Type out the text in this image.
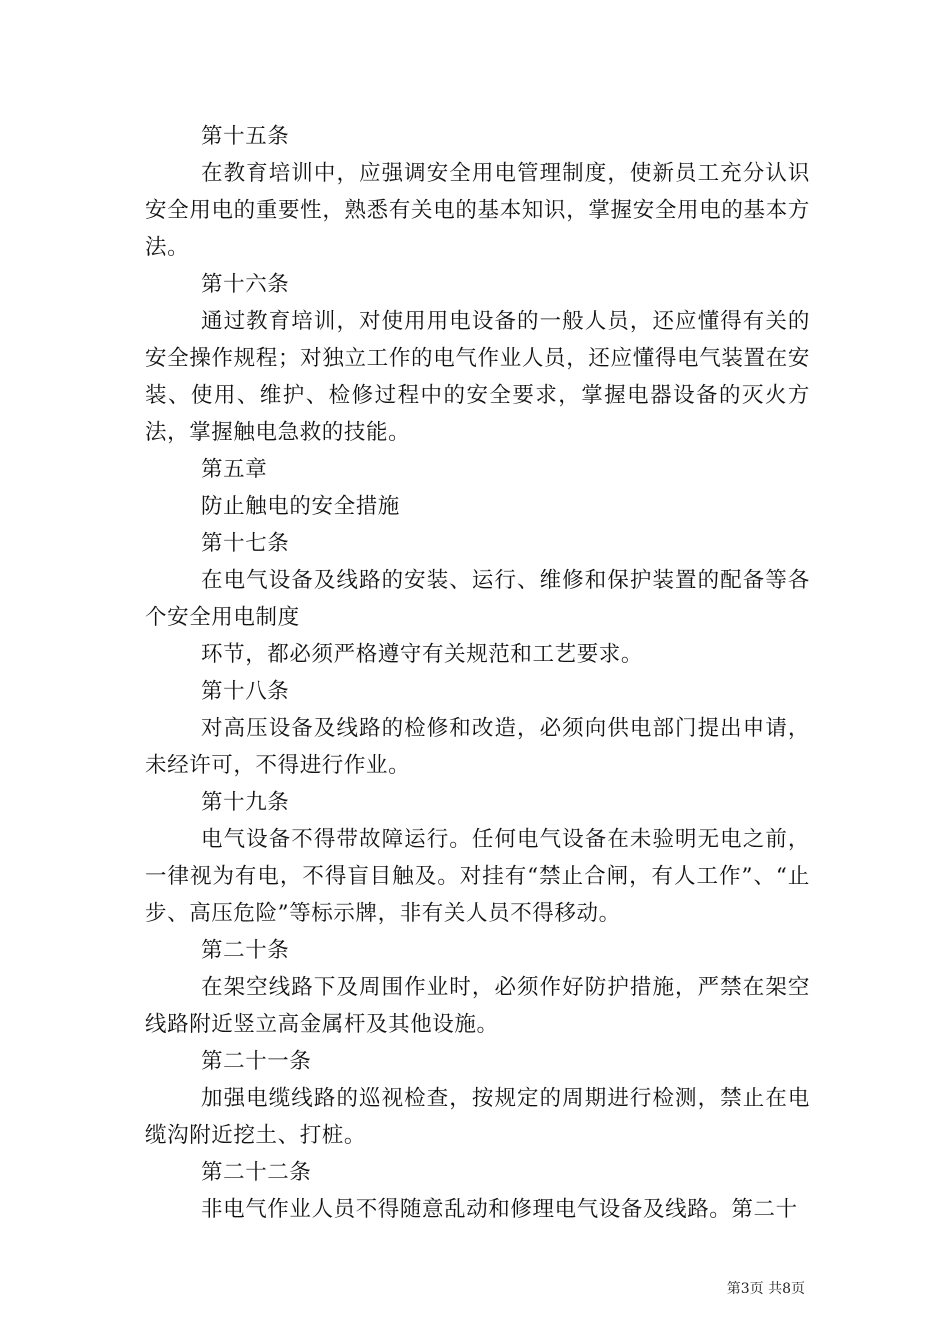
第十五条

在教育培训中，应强调安全用电管理制度，使新员工充分认识安全用电的重要性，熟悉有关电的基本知识，掌握安全用电的基本方法。

第十六条

通过教育培训，对使用用电设备的一般人员，还应懂得有关的安全操作规程；对独立工作的电气作业人员，还应懂得电气装置在安装、使用、维护、检修过程中的安全要求，掌握电器设备的灭火方法，掌握触电急救的技能。

第五章

防止触电的安全措施

第十七条

在电气设备及线路的安装、运行、维修和保护装置的配备等各个安全用电制度

环节，都必须严格遵守有关规范和工艺要求。

第十八条

对高压设备及线路的检修和改造，必须向供电部门提出申请，未经许可，不得进行作业。

第十九条

电气设备不得带故障运行。任何电气设备在未验明无电之前，一律视为有电，不得盲目触及。对挂有“禁止合闸，有人工作”、“止步、高压危险”等标示牌，非有关人员不得移动。

第二十条

在架空线路下及周围作业时，必须作好防护措施，严禁在架空线路附近竖立高金属杆及其他设施。

第二十一条

加强电缆线路的巡视检查，按规定的周期进行检测，禁止在电缆沟附近挖土、打桩。

第二十二条

非电气作业人员不得随意乱动和修理电气设备及线路。第二十

第3页 共8页
